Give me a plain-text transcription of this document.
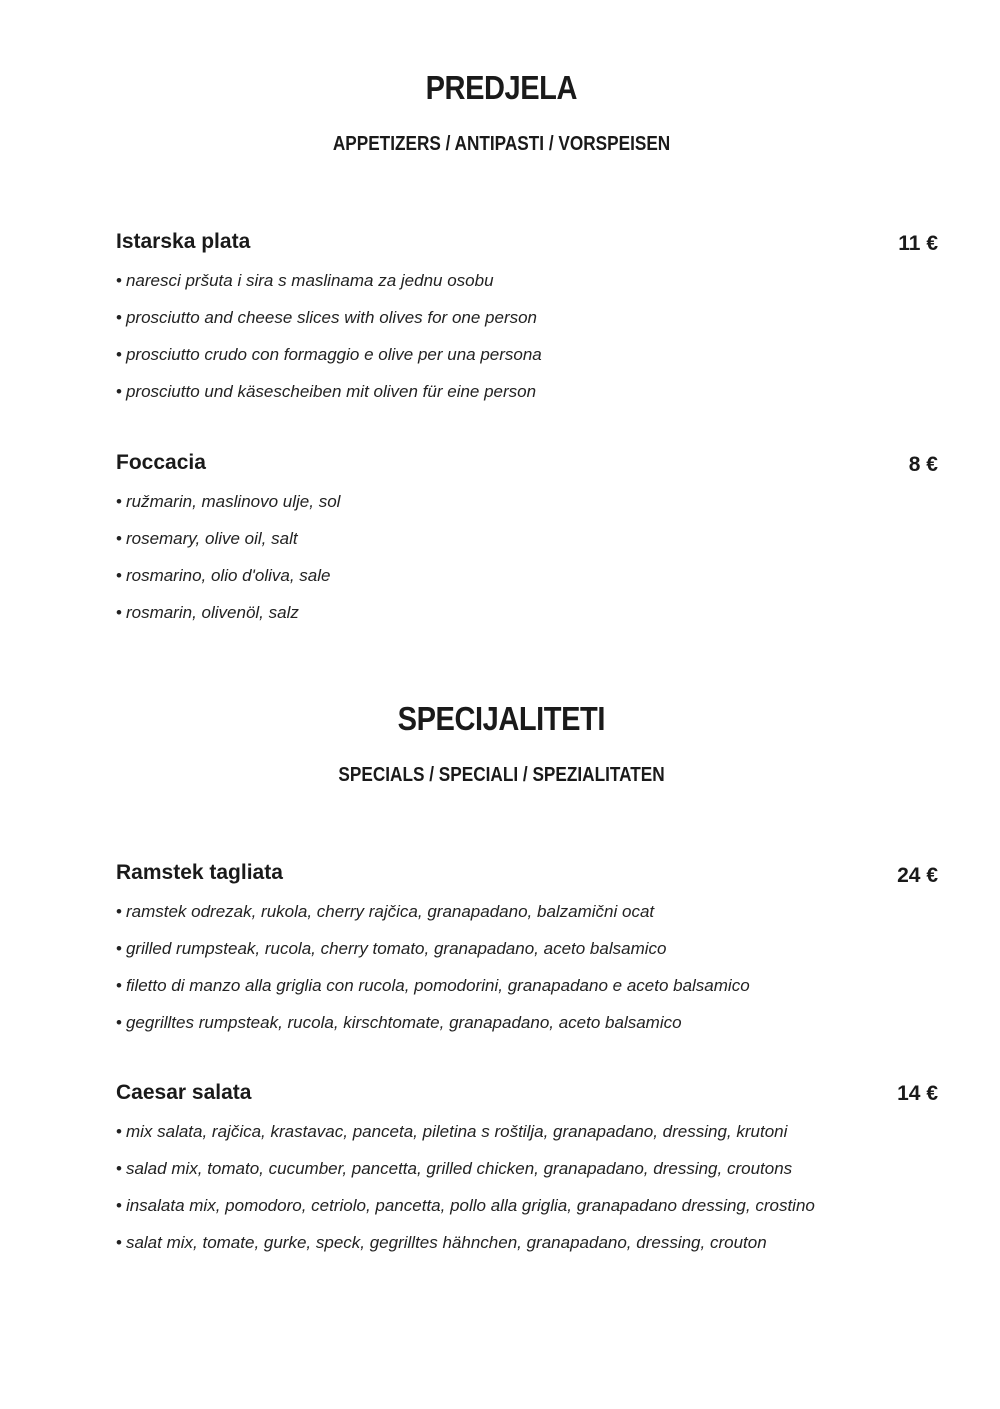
PREDJELA
APPETIZERS / ANTIPASTI / VORSPEISEN
Istarska plata	11 €
• naresci pršuta i sira s maslinama za jednu osobu
• prosciutto and cheese slices with olives for one person
• prosciutto crudo con formaggio e olive per una persona
• prosciutto und käsescheiben mit oliven für eine person
Foccacia	8 €
• ružmarin, maslinovo ulje, sol
• rosemary, olive oil, salt
• rosmarino, olio d'oliva, sale
• rosmarin, olivenöl, salz
SPECIJALITETI
SPECIALS / SPECIALI / SPEZIALITATEN
Ramstek tagliata	24 €
• ramstek odrezak, rukola, cherry rajčica, granapadano, balzamični ocat
• grilled rumpsteak, rucola, cherry tomato, granapadano, aceto balsamico
• filetto di manzo alla griglia con rucola, pomodorini, granapadano e aceto balsamico
• gegrilltes rumpsteak, rucola, kirschtomate, granapadano, aceto balsamico
Caesar salata	14 €
• mix salata, rajčica, krastavac, panceta, piletina s roštilja, granapadano, dressing, krutoni
• salad mix, tomato, cucumber, pancetta, grilled chicken, granapadano, dressing, croutons
• insalata mix, pomodoro, cetriolo, pancetta, pollo alla griglia, granapadano dressing, crostino
• salat mix, tomate, gurke, speck, gegrilltes hähnchen, granapadano, dressing, crouton
